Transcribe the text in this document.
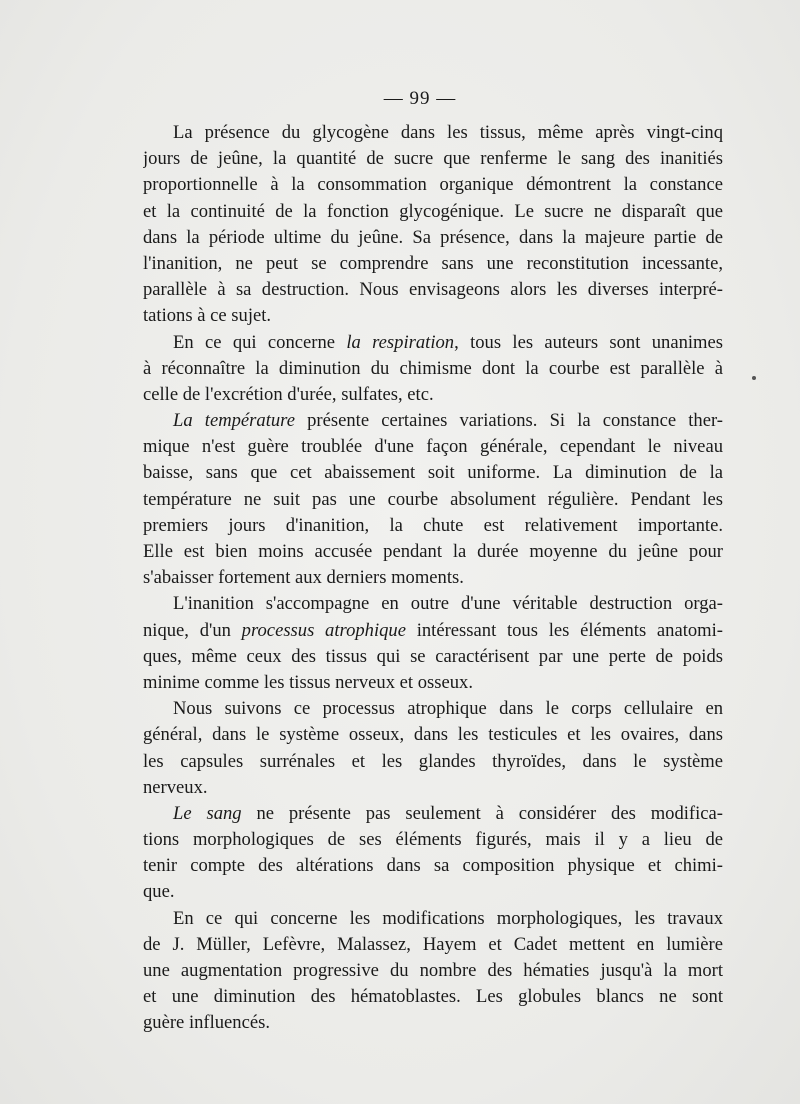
— 99 —
La présence du glycogène dans les tissus, même après vingt-cinq
jours de jeûne, la quantité de sucre que renferme le sang des inanitiés
proportionnelle à la consommation organique démontrent la constance
et la continuité de la fonction glycogénique. Le sucre ne disparaît que
dans la période ultime du jeûne. Sa présence, dans la majeure partie de
l'inanition, ne peut se comprendre sans une reconstitution incessante,
parallèle à sa destruction. Nous envisageons alors les diverses interpré-
tations à ce sujet.
En ce qui concerne la respiration, tous les auteurs sont unanimes
à réconnaître la diminution du chimisme dont la courbe est parallèle à
celle de l'excrétion d'urée, sulfates, etc.
La température présente certaines variations. Si la constance ther-
mique n'est guère troublée d'une façon générale, cependant le niveau
baisse, sans que cet abaissement soit uniforme. La diminution de la
température ne suit pas une courbe absolument régulière. Pendant les
premiers jours d'inanition, la chute est relativement importante.
Elle est bien moins accusée pendant la durée moyenne du jeûne pour
s'abaisser fortement aux derniers moments.
L'inanition s'accompagne en outre d'une véritable destruction orga-
nique, d'un processus atrophique intéressant tous les éléments anatomi-
ques, même ceux des tissus qui se caractérisent par une perte de poids
minime comme les tissus nerveux et osseux.
Nous suivons ce processus atrophique dans le corps cellulaire en
général, dans le système osseux, dans les testicules et les ovaires, dans
les capsules surrénales et les glandes thyroïdes, dans le système
nerveux.
Le sang ne présente pas seulement à considérer des modifica-
tions morphologiques de ses éléments figurés, mais il y a lieu de
tenir compte des altérations dans sa composition physique et chimi-
que.
En ce qui concerne les modifications morphologiques, les travaux
de J. Müller, Lefèvre, Malassez, Hayem et Cadet mettent en lumière
une augmentation progressive du nombre des hématies jusqu'à la mort
et une diminution des hématoblastes. Les globules blancs ne sont
guère influencés.
